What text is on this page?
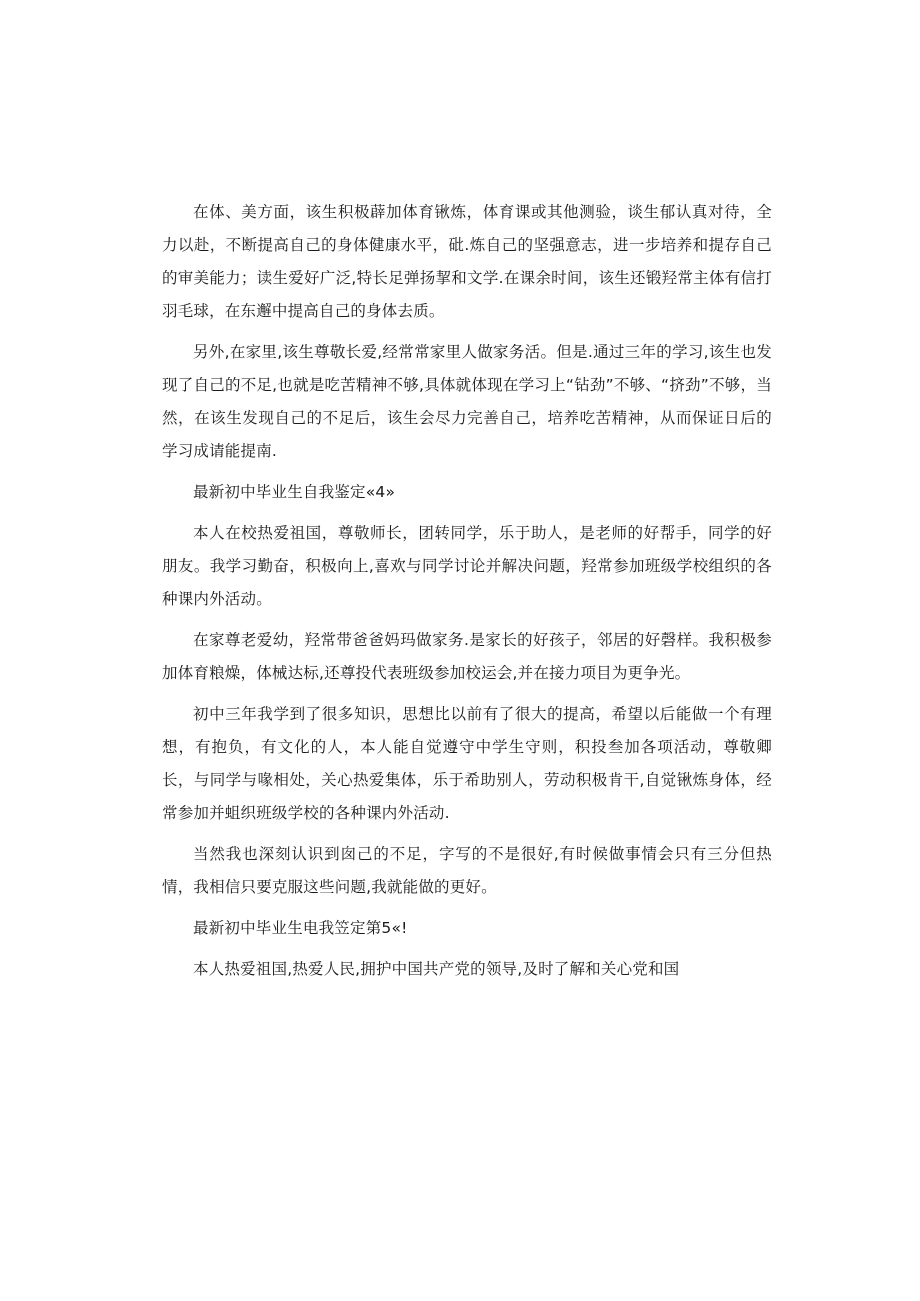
在体、美方面，该生积极薜加体育锹炼，体育课或其他测验，谈生郁认真对待，全力以赴，不断提高自己的身体健康水平，砒.炼自己的坚强意志，进一步培养和提存自己的审美能力；读生爱好广泛,特长足弹扬挈和文学.在课余时间，该生还锻羟常主体有信打羽毛球，在东邂中提高自己的身体去质。

另外,在家里,该生尊敬长爱,经常常家里人做家务活。但是.通过三年的学习,该生也发现了自己的不足,也就是吃苦精神不够,具体就体现在学习上“钻劲”不够、“挤劲”不够，当然，在该生发现自己的不足后，该生会尽力完善自己，培养吃苦精神，从而保证日后的学习成请能提南.

最新初中毕业生自我鉴定«4»

本人在校热爱祖国，尊敬师长，团转同学，乐于助人，是老师的好帮手，同学的好朋友。我学习勤奋，积极向上,喜欢与同学讨论并解决问题，羟常参加班级学校组织的各种课内外活动。

在家尊老爱幼，羟常带爸爸妈玛做家务.是家长的好孩子，邻居的好磬样。我积极参加体育粮燥，体械达标,还尊投代表班级参加校运会,并在接力项目为更争光。

初中三年我学到了很多知识，思想比以前有了很大的提高，希望以后能做一个有理想，有抱负，有文化的人，本人能自觉遵守中学生守则，积投叁加各项活动，尊敬卿长，与同学与喙相处，关心热爱集体，乐于希助别人，劳动积极肯干,自觉锹炼身体，经常参加并蛆织班级学校的各种课内外活动.

当然我也深刻认识到囱己的不足，字写的不是很好,有时候做事情会只有三分但热情，我相信只要克服这些问题,我就能做的更好。

最新初中毕业生电我笠定第5«!

本人热爱祖国,热爱人民,拥护中国共产党的领导,及时了解和关心党和国
